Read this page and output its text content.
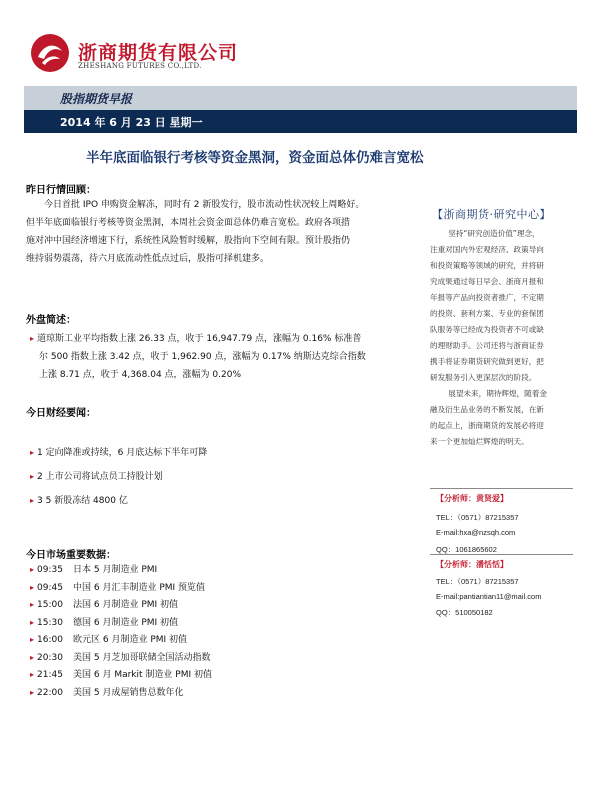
浙商期货有限公司
ZHESHANG FUTURES CO.,LTD.
股指期货早报
2014 年 6 月 23 日 星期一
半年底面临银行考核等资金黑洞，资金面总体仍难言宽松
昨日行情回顾：
今日首批 IPO 申购资金解冻，同时有 2 新股发行，股市流动性状况较上周略好。
但半年底面临银行考核等资金黑洞，本周社会资金面总体仍难言宽松。政府各项措
施对冲中国经济增速下行，系统性风险暂时缓解，股指向下空间有限。预计股指仍
维持弱势震荡，待六月底流动性低点过后，股指可择机建多。
外盘简述：
▸ 道琼斯工业平均指数上涨 26.33 点，收于 16,947.79 点，涨幅为 0.16% 标准普
尔 500 指数上涨 3.42 点，收于 1,962.90 点，涨幅为 0.17% 纳斯达克综合指数
上涨 8.71 点，收于 4,368.04 点，涨幅为 0.20%
今日财经要闻：
▸ 1 定向降准或持续，6 月底达标下半年可降
▸ 2 上市公司将试点员工持股计划
▸ 3 5 新股冻结 4800 亿
今日市场重要数据：
▸ 09:35 日本 5 月制造业 PMI
▸ 09:45 中国 6 月汇丰制造业 PMI 预览值
▸ 15:00 法国 6 月制造业 PMI 初值
▸ 15:30 德国 6 月制造业 PMI 初值
▸ 16:00 欧元区 6 月制造业 PMI 初值
▸ 20:30 美国 5 月芝加哥联储全国活动指数
▸ 21:45 美国 6 月 Markit 制造业 PMI 初值
▸ 22:00 美国 5 月成屋销售总数年化
【浙商期货·研究中心】
坚持“研究创造价值”理念，
注重对国内外宏观经济、政策导向
和投资策略等领域的研究，并将研
究成果通过每日早会、浙商月报和
年报等产品向投资者推广，不定期
的投资、套利方案、专业的套保团
队服务等已经成为投资者不可或缺
的理财助手。公司还将与浙商证券
携手将证券期货研究做到更好，把
研发服务引入更深层次的阶段。
展望未来，期待辉煌，随着金
融及衍生品业务的不断发展，在新
的起点上，浙商期货的发展必将迎
来一个更加灿烂辉煌的明天。
【分析师：黄贤爱】
TEL：（0571）87215357
E-mail:hxa@nzsqh.com
QQ：1061865602
【分析师：潘恬恬】
TEL：（0571）87215357
E-mail:pantiantian11@mail.com
QQ：510050182
